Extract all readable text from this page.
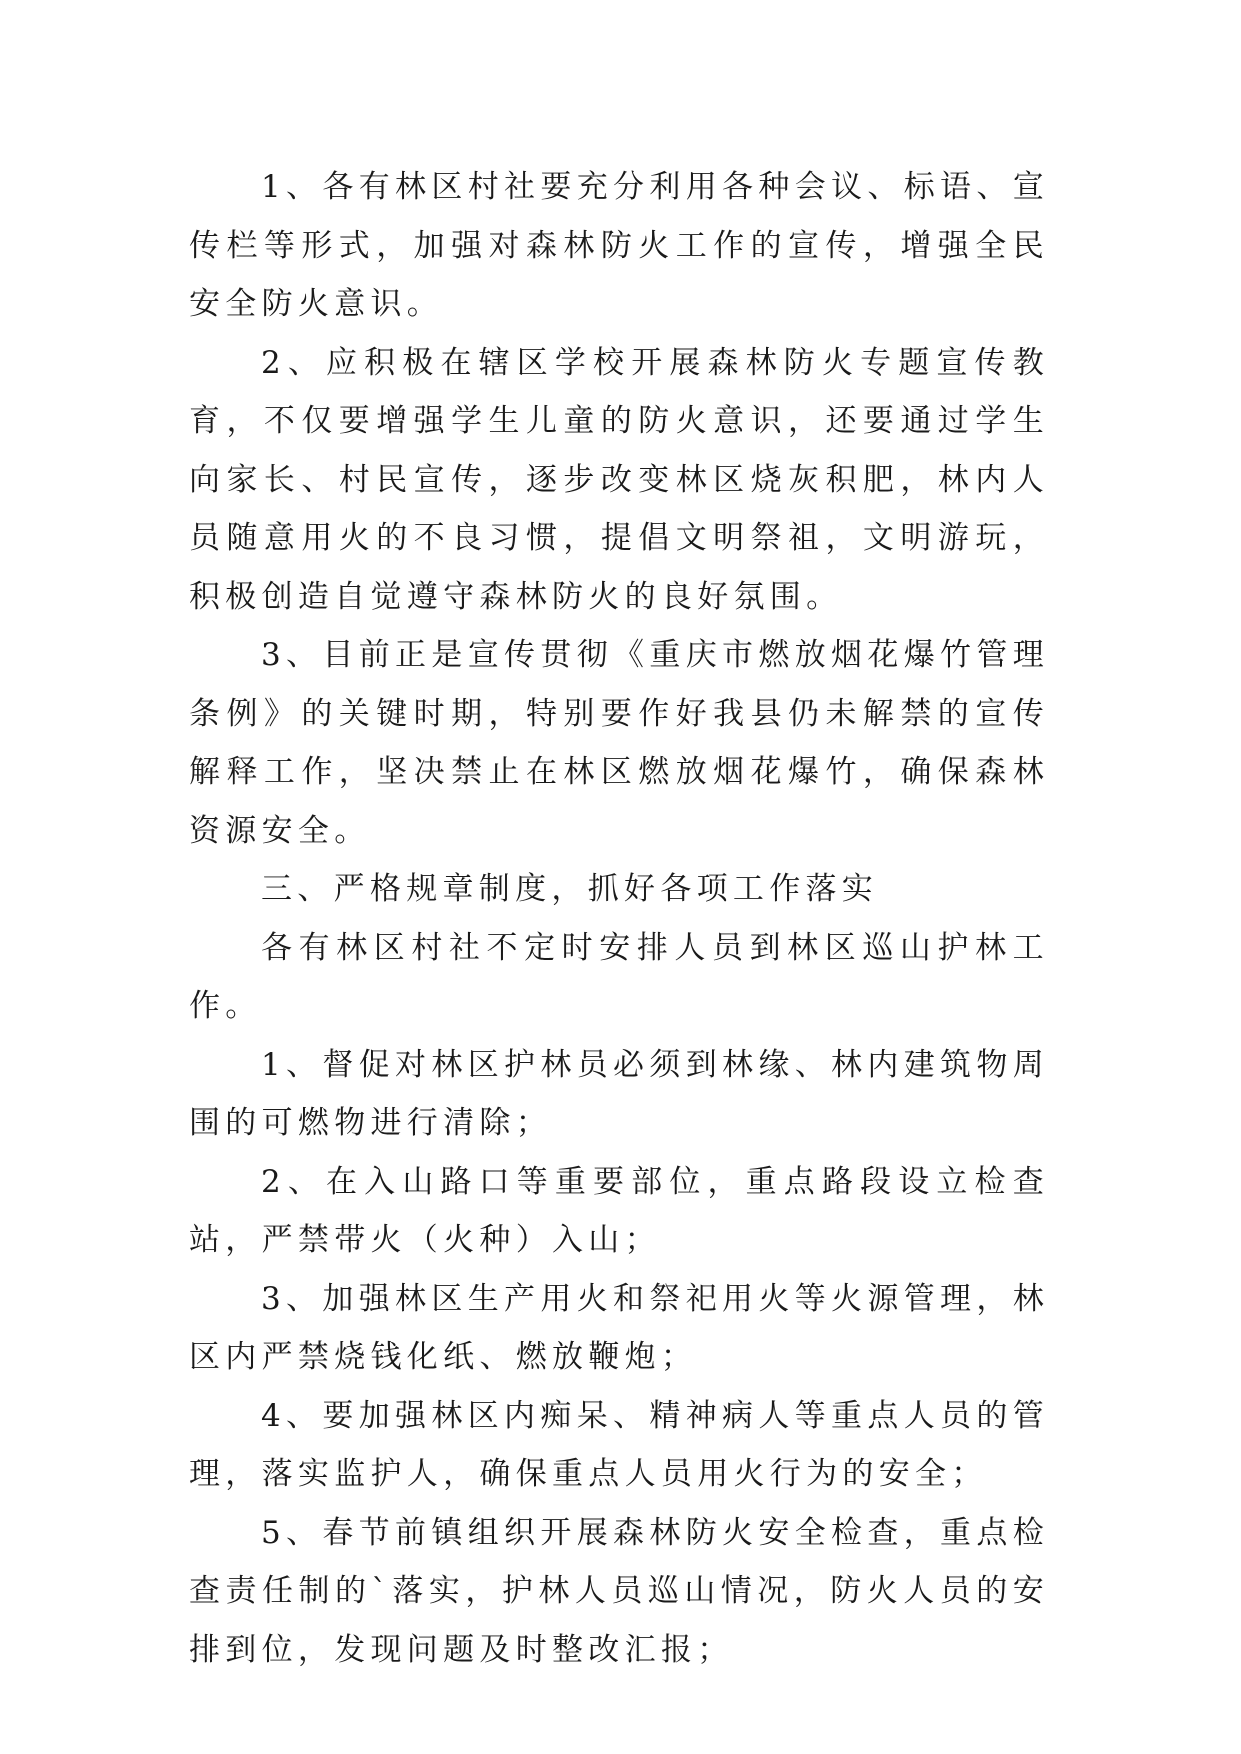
1、各有林区村社要充分利用各种会议、标语、宣传栏等形式，加强对森林防火工作的宣传，增强全民安全防火意识。

2、应积极在辖区学校开展森林防火专题宣传教育，不仅要增强学生儿童的防火意识，还要通过学生向家长、村民宣传，逐步改变林区烧灰积肥，林内人员随意用火的不良习惯，提倡文明祭祖，文明游玩，积极创造自觉遵守森林防火的良好氛围。

3、目前正是宣传贯彻《重庆市燃放烟花爆竹管理条例》的关键时期，特别要作好我县仍未解禁的宣传解释工作，坚决禁止在林区燃放烟花爆竹，确保森林资源安全。

三、严格规章制度，抓好各项工作落实

各有林区村社不定时安排人员到林区巡山护林工作。

1、督促对林区护林员必须到林缘、林内建筑物周围的可燃物进行清除；

2、在入山路口等重要部位，重点路段设立检查站，严禁带火（火种）入山；

3、加强林区生产用火和祭祀用火等火源管理，林区内严禁烧钱化纸、燃放鞭炮；

4、要加强林区内痴呆、精神病人等重点人员的管理，落实监护人，确保重点人员用火行为的安全；

5、春节前镇组织开展森林防火安全检查，重点检查责任制的`落实，护林人员巡山情况，防火人员的安排到位，发现问题及时整改汇报；
